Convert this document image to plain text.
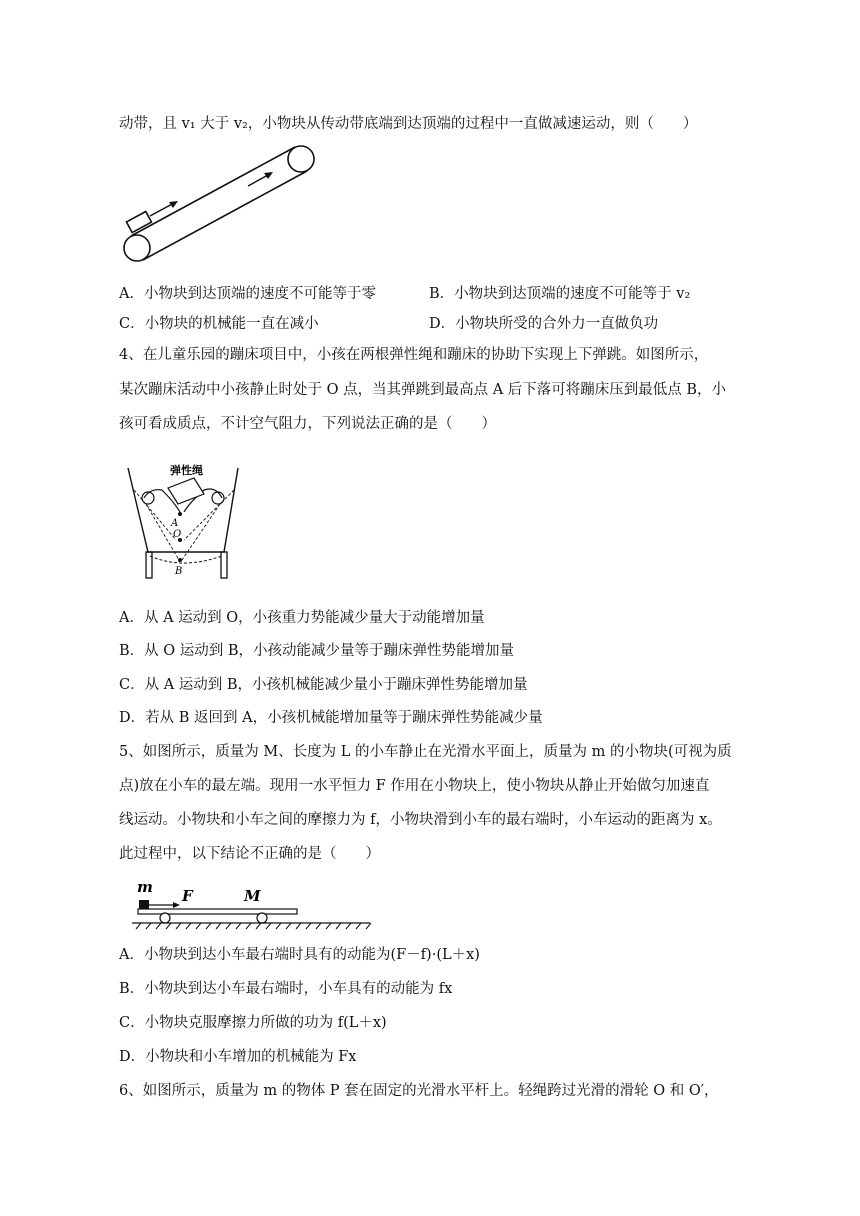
动带，且 v₁ 大于 v₂，小物块从传动带底端到达顶端的过程中一直做减速运动，则（　　）
A．小物块到达顶端的速度不可能等于零	B．小物块到达顶端的速度不可能等于 v₂
C．小物块的机械能一直在减小	D．小物块所受的合外力一直做负功
4、在儿童乐园的蹦床项目中，小孩在两根弹性绳和蹦床的协助下实现上下弹跳。如图所示，
某次蹦床活动中小孩静止时处于 O 点，当其弹跳到最高点 A 后下落可将蹦床压到最低点 B，小
孩可看成质点，不计空气阻力，下列说法正确的是（　　）
弹性绳
A
O
B
A．从 A 运动到 O，小孩重力势能减少量大于动能增加量
B．从 O 运动到 B，小孩动能减少量等于蹦床弹性势能增加量
C．从 A 运动到 B，小孩机械能减少量小于蹦床弹性势能增加量
D．若从 B 返回到 A，小孩机械能增加量等于蹦床弹性势能减少量
5、如图所示，质量为 M、长度为 L 的小车静止在光滑水平面上，质量为 m 的小物块(可视为质
点)放在小车的最左端。现用一水平恒力 F 作用在小物块上，使小物块从静止开始做匀加速直
线运动。小物块和小车之间的摩擦力为 f，小物块滑到小车的最右端时，小车运动的距离为 x。
此过程中，以下结论不正确的是（　　）
m F	M
A．小物块到达小车最右端时具有的动能为(F－f)·(L＋x)
B．小物块到达小车最右端时，小车具有的动能为 fx
C．小物块克服摩擦力所做的功为 f(L＋x)
D．小物块和小车增加的机械能为 Fx
6、如图所示，质量为 m 的物体 P 套在固定的光滑水平杆上。轻绳跨过光滑的滑轮 O 和 O′，
